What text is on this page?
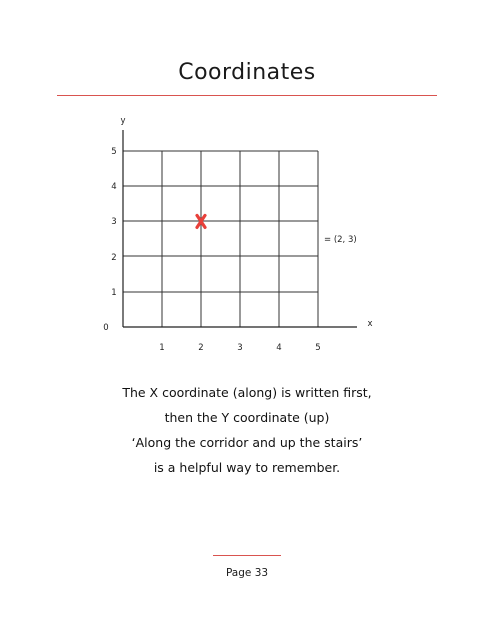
Coordinates
y
x
0
1
2
3
4
5
1	2	3	4	5
= (2, 3)
The X coordinate (along) is written first,
then the Y coordinate (up)
‘Along the corridor and up the stairs’
is a helpful way to remember.
Page 33
